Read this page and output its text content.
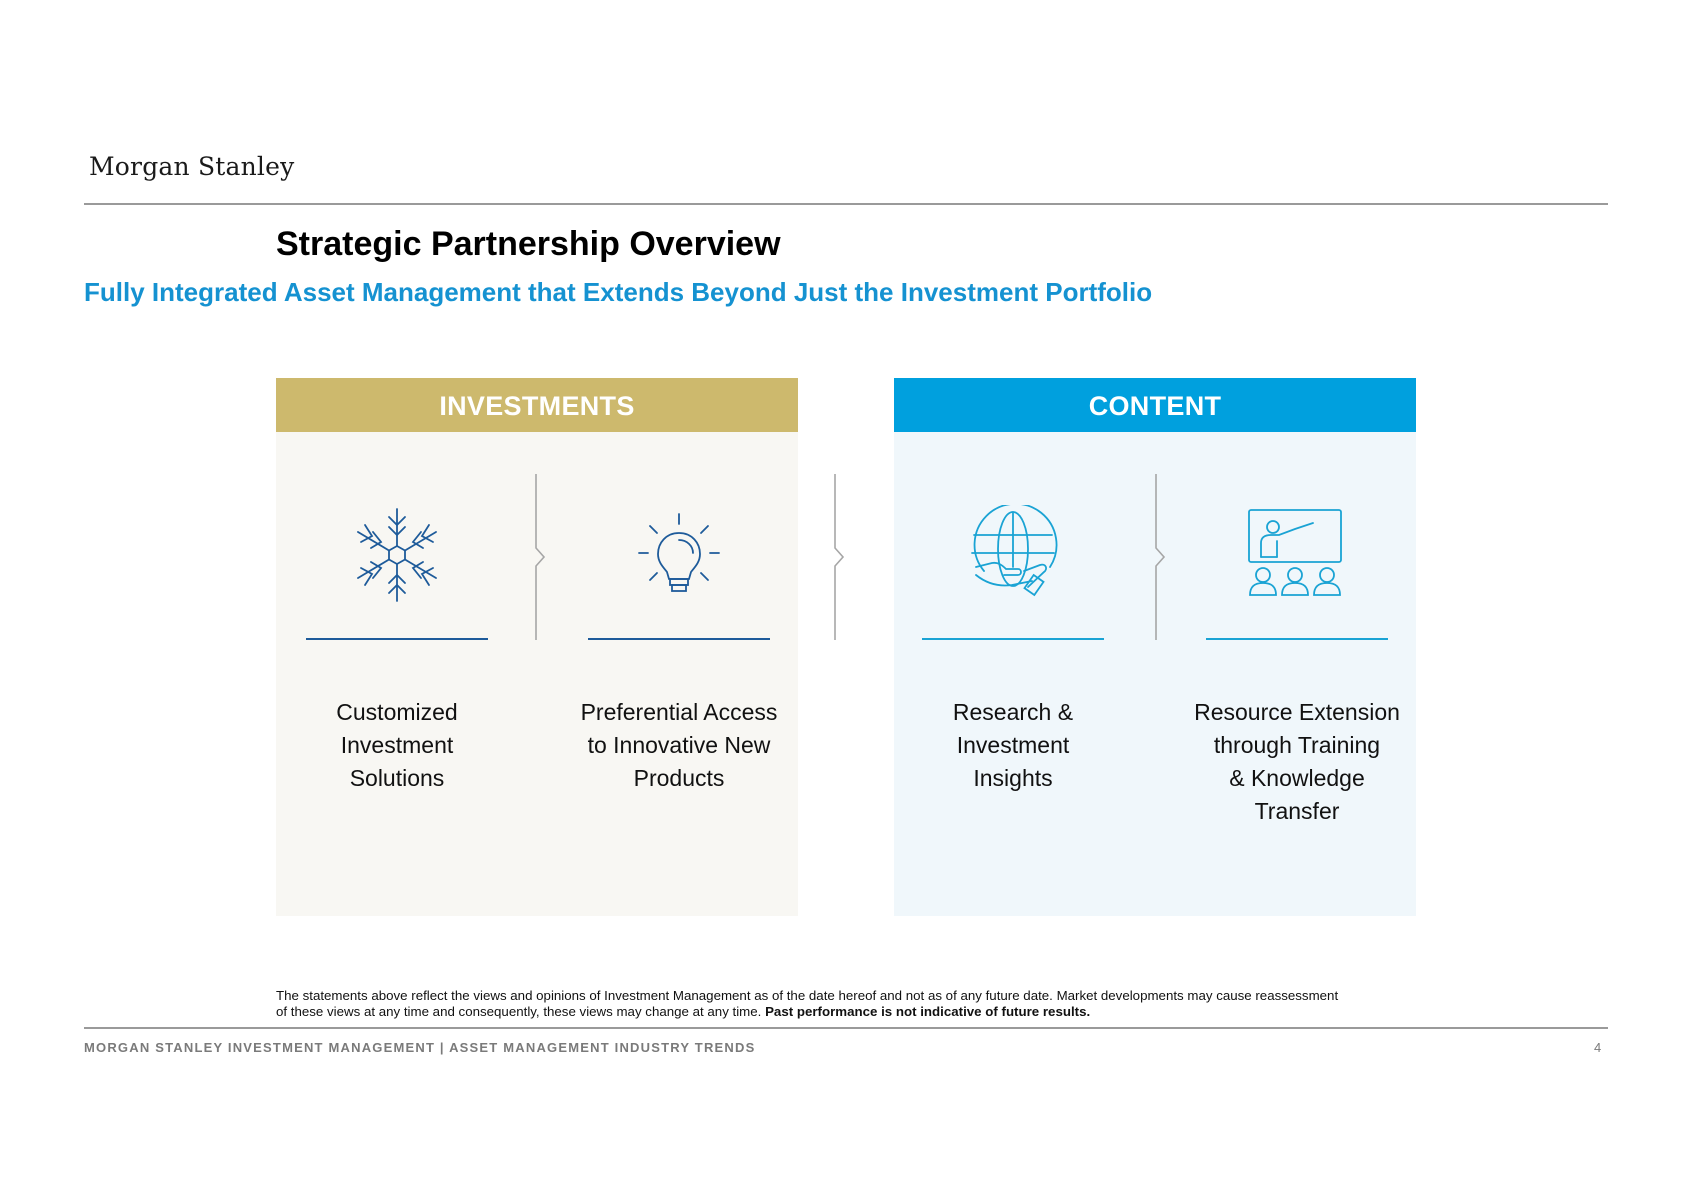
Morgan Stanley
Strategic Partnership Overview
Fully Integrated Asset Management that Extends Beyond Just the Investment Portfolio
INVESTMENTS	CONTENT
Customized
Investment
Solutions
Preferential Access
to Innovative New
Products
Research &
Investment
Insights
Resource Extension
through Training
& Knowledge
Transfer
The statements above reflect the views and opinions of Investment Management as of the date hereof and not as of any future date. Market developments may cause reassessment
of these views at any time and consequently, these views may change at any time. Past performance is not indicative of future results.
MORGAN STANLEY INVESTMENT MANAGEMENT | ASSET MANAGEMENT INDUSTRY TRENDS	4
